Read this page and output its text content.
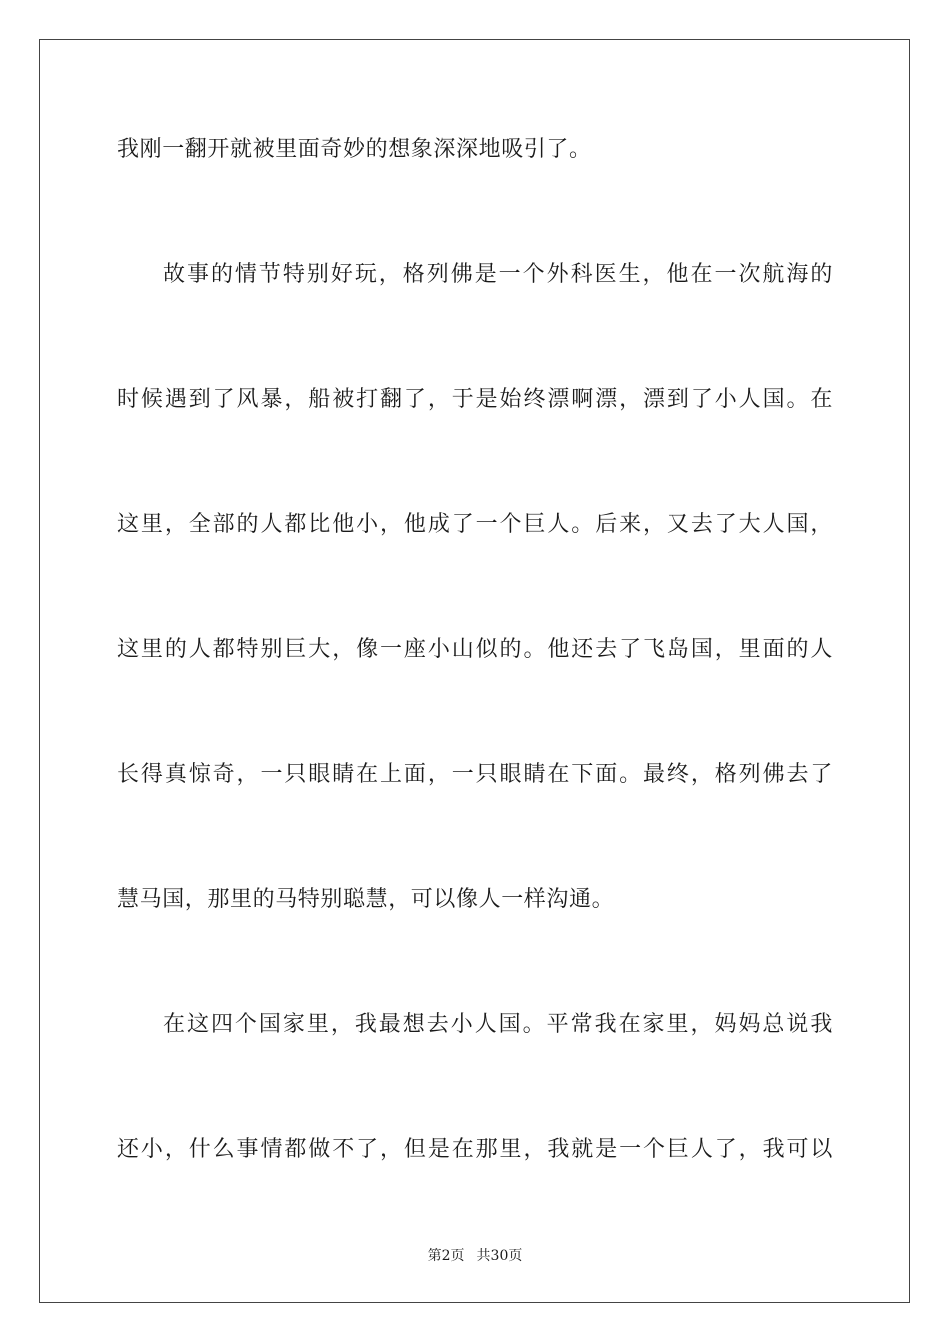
我刚一翻开就被里面奇妙的想象深深地吸引了。
故事的情节特别好玩，格列佛是一个外科医生，他在一次航海的
时候遇到了风暴，船被打翻了，于是始终漂啊漂，漂到了小人国。在
这里，全部的人都比他小，他成了一个巨人。后来，又去了大人国，
这里的人都特别巨大，像一座小山似的。他还去了飞岛国，里面的人
长得真惊奇，一只眼睛在上面，一只眼睛在下面。最终，格列佛去了
慧马国，那里的马特别聪慧，可以像人一样沟通。
在这四个国家里，我最想去小人国。平常我在家里，妈妈总说我
还小，什么事情都做不了，但是在那里，我就是一个巨人了，我可以
第2页 共30页
